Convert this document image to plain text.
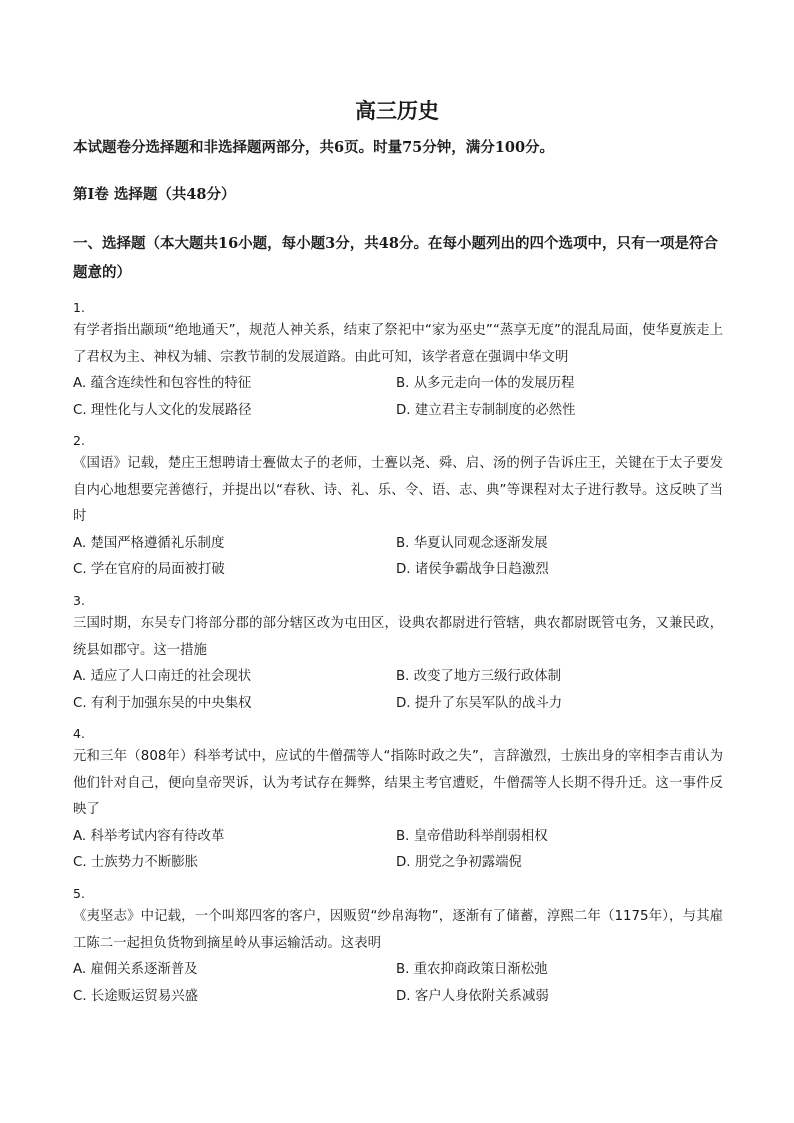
高三历史
本试题卷分选择题和非选择题两部分，共6页。时量75分钟，满分100分。
第Ⅰ卷 选择题（共48分）
一、选择题（本大题共16小题，每小题3分，共48分。在每小题列出的四个选项中，只有一项是符合题意的）
1.
有学者指出颛顼“绝地通天”，规范人神关系，结束了祭祀中“家为巫史”“蒸享无度”的混乱局面，使华夏族走上了君权为主、神权为辅、宗教节制的发展道路。由此可知，该学者意在强调中华文明
A. 蕴含连续性和包容性的特征	B. 从多元走向一体的发展历程
C. 理性化与人文化的发展路径	D. 建立君主专制制度的必然性
2.
《国语》记载，楚庄王想聘请士亹做太子的老师，士亹以尧、舜、启、汤的例子告诉庄王，关键在于太子要发自内心地想要完善德行，并提出以“春秋、诗、礼、乐、令、语、志、典”等课程对太子进行教导。这反映了当时
A. 楚国严格遵循礼乐制度	B. 华夏认同观念逐渐发展
C. 学在官府的局面被打破	D. 诸侯争霸战争日趋激烈
3.
三国时期，东吴专门将部分郡的部分辖区改为屯田区，设典农都尉进行管辖，典农都尉既管屯务，又兼民政，统县如郡守。这一措施
A. 适应了人口南迁的社会现状	B. 改变了地方三级行政体制
C. 有利于加强东吴的中央集权	D. 提升了东吴军队的战斗力
4.
元和三年（808年）科举考试中，应试的牛僧孺等人“指陈时政之失”，言辞激烈，士族出身的宰相李吉甫认为他们针对自己，便向皇帝哭诉，认为考试存在舞弊，结果主考官遭贬，牛僧孺等人长期不得升迁。这一事件反映了
A. 科举考试内容有待改革	B. 皇帝借助科举削弱相权
C. 士族势力不断膨胀	D. 朋党之争初露端倪
5.
《夷坚志》中记载，一个叫郑四客的客户，因贩贸“纱帛海物”，逐渐有了储蓄，淳熙二年（1175年），与其雇工陈二一起担负货物到摘星岭从事运输活动。这表明
A. 雇佣关系逐渐普及	B. 重农抑商政策日渐松弛
C. 长途贩运贸易兴盛	D. 客户人身依附关系减弱
